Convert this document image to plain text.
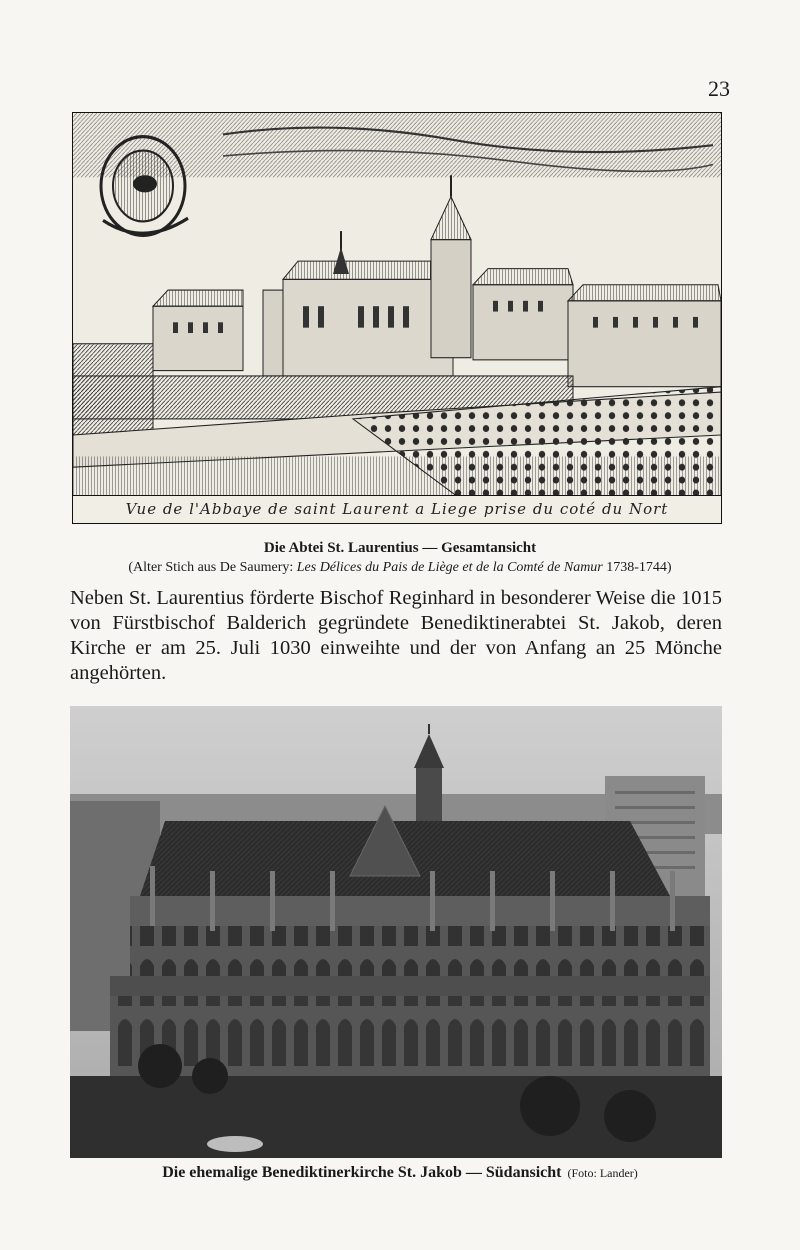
23
Vue de l'Abbaye de saint Laurent a Liege prise du coté du Nort
Die Abtei St. Laurentius — Gesamtansicht
(Alter Stich aus De Saumery: Les Délices du Pais de Liège et de la Comté de Namur 1738-1744)

Neben St. Laurentius förderte Bischof Reginhard in besonderer Weise die 1015 von Fürstbischof Balderich gegründete Benediktinerabtei St. Jakob, deren Kirche er am 25. Juli 1030 einweihte und der von Anfang an 25 Mönche angehörten.

Die ehemalige Benediktinerkirche St. Jakob — Südansicht (Foto: Lander)
